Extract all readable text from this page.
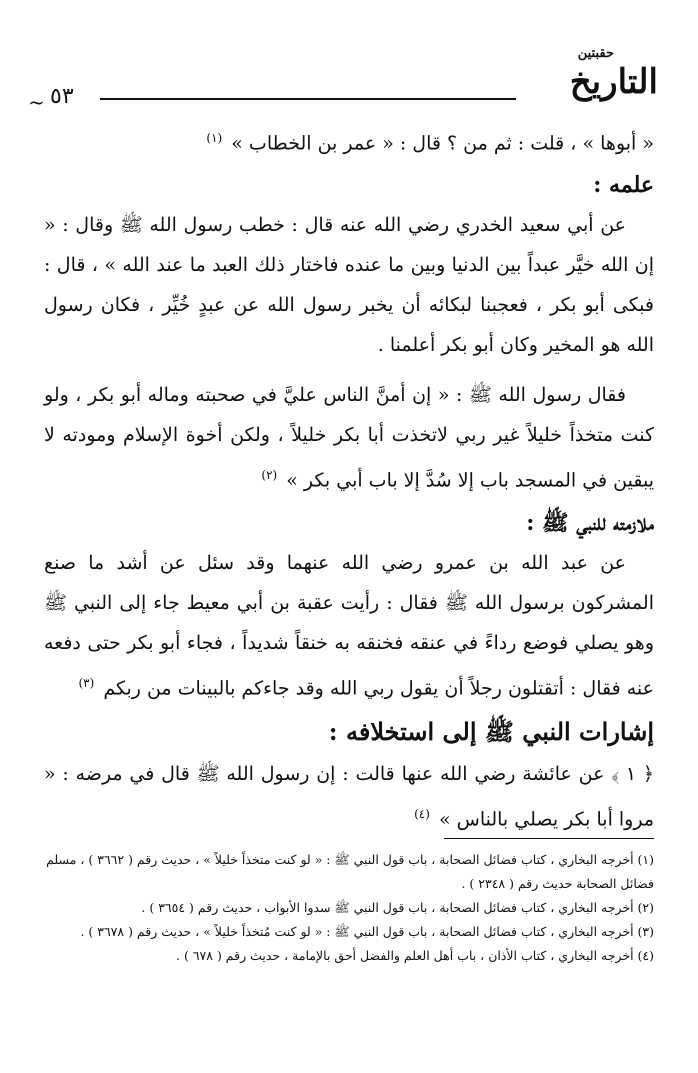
حقبتين
التاريخ
٥٣
~

« أبوها » ، قلت : ثم من ؟ قال : « عمر بن الخطاب » $^{(١)}$

علمه :

عن أبي سعيد الخدري رضي الله عنه قال : خطب رسول الله ﷺ وقال : « إن الله خيَّر عبداً بين الدنيا وبين ما عنده فاختار ذلك العبد ما عند الله » ، قال : فبكى أبو بكر ، فعجبنا لبكائه أن يخبر رسول الله عن عبدٍ خُيِّر ، فكان رسول الله هو المخير وكان أبو بكر أعلمنا .

فقال رسول الله ﷺ : « إن أمنَّ الناس عليَّ في صحبته وماله أبو بكر ، ولو كنت متخذاً خليلاً غير ربي لاتخذت أبا بكر خليلاً ، ولكن أخوة الإسلام ومودته لا يبقين في المسجد باب إلا سُدَّ إلا باب أبي بكر » $^{(٢)}$

ملازمته للنبي ﷺ :

عن عبد الله بن عمرو رضي الله عنهما وقد سئل عن أشد ما صنع المشركون برسول الله ﷺ فقال : رأيت عقبة بن أبي معيط جاء إلى النبي ﷺ وهو يصلي فوضع رداءً في عنقه فخنقه به خنقاً شديداً ، فجاء أبو بكر حتى دفعه عنه فقال : أتقتلون رجلاً أن يقول ربي الله وقد جاءكم بالبينات من ربكم $^{(٣)}$

إشارات النبي ﷺ إلى استخلافه :

﴿ ١ ﴾ عن عائشة رضي الله عنها قالت : إن رسول الله ﷺ قال في مرضه : « مروا أبا بكر يصلي بالناس » $^{(٤)}$

(١) أخرجه البخاري ، كتاب فضائل الصحابة ، باب قول النبي ﷺ : « لو كنت متخذاً خليلاً » ، حديث رقم ( ٣٦٦٢ ) ، مسلم فضائل الصحابة حديث رقم ( ٢٣٤٨ ) .

(٢) أخرجه البخاري ، كتاب فضائل الصحابة ، باب قول النبي ﷺ سدوا الأبواب ، حديث رقم ( ٣٦٥٤ ) .

(٣) أخرجه البخاري ، كتاب فضائل الصحابة ، باب قول النبي ﷺ : « لو كنت مُتخذاً خليلاً » ، حديث رقم ( ٣٦٧٨ ) .

(٤) أخرجه البخاري ، كتاب الأذان ، باب أهل العلم والفضل أحق بالإمامة ، حديث رقم ( ٦٧٨ ) .
